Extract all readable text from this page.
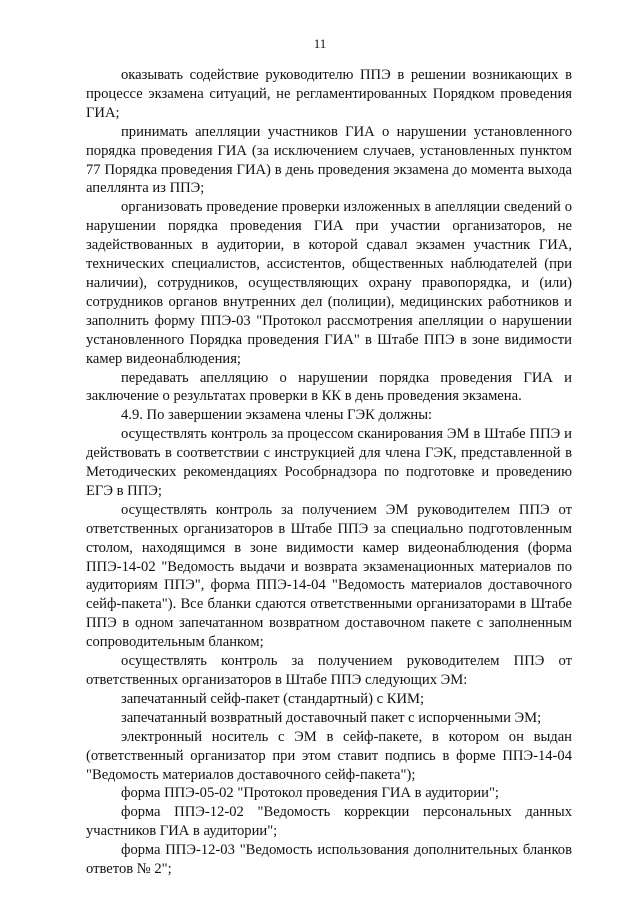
11

оказывать содействие руководителю ППЭ в решении возникающих в процессе экзамена ситуаций, не регламентированных Порядком проведения ГИА;

принимать апелляции участников ГИА о нарушении установленного порядка проведения ГИА (за исключением случаев, установленных пунктом 77 Порядка проведения ГИА) в день проведения экзамена до момента выхода апеллянта из ППЭ;

организовать проведение проверки изложенных в апелляции сведений о нарушении порядка проведения ГИА при участии организаторов, не задействованных в аудитории, в которой сдавал экзамен участник ГИА, технических специалистов, ассистентов, общественных наблюдателей (при наличии), сотрудников, осуществляющих охрану правопорядка, и (или) сотрудников органов внутренних дел (полиции), медицинских работников и заполнить форму ППЭ-03 "Протокол рассмотрения апелляции о нарушении установленного Порядка проведения ГИА" в Штабе ППЭ в зоне видимости камер видеонаблюдения;

передавать апелляцию о нарушении порядка проведения ГИА и заключение о результатах проверки в КК в день проведения экзамена.

4.9. По завершении экзамена члены ГЭК должны:

осуществлять контроль за процессом сканирования ЭМ в Штабе ППЭ и действовать в соответствии с инструкцией для члена ГЭК, представленной в Методических рекомендациях Рособрнадзора по подготовке и проведению ЕГЭ в ППЭ;

осуществлять контроль за получением ЭМ руководителем ППЭ от ответственных организаторов в Штабе ППЭ за специально подготовленным столом, находящимся в зоне видимости камер видеонаблюдения (форма ППЭ-14-02 "Ведомость выдачи и возврата экзаменационных материалов по аудиториям ППЭ", форма ППЭ-14-04 "Ведомость материалов доставочного сейф-пакета"). Все бланки сдаются ответственными организаторами в Штабе ППЭ в одном запечатанном возвратном доставочном пакете с заполненным сопроводительным бланком;

осуществлять контроль за получением руководителем ППЭ от ответственных организаторов в Штабе ППЭ следующих ЭМ:

запечатанный сейф-пакет (стандартный) с КИМ;

запечатанный возвратный доставочный пакет с испорченными ЭМ;

электронный носитель с ЭМ в сейф-пакете, в котором он выдан (ответственный организатор при этом ставит подпись в форме ППЭ-14-04 "Ведомость материалов доставочного сейф-пакета");

форма ППЭ-05-02 "Протокол проведения ГИА в аудитории";

форма ППЭ-12-02 "Ведомость коррекции персональных данных участников ГИА в аудитории";

форма ППЭ-12-03 "Ведомость использования дополнительных бланков ответов № 2";
